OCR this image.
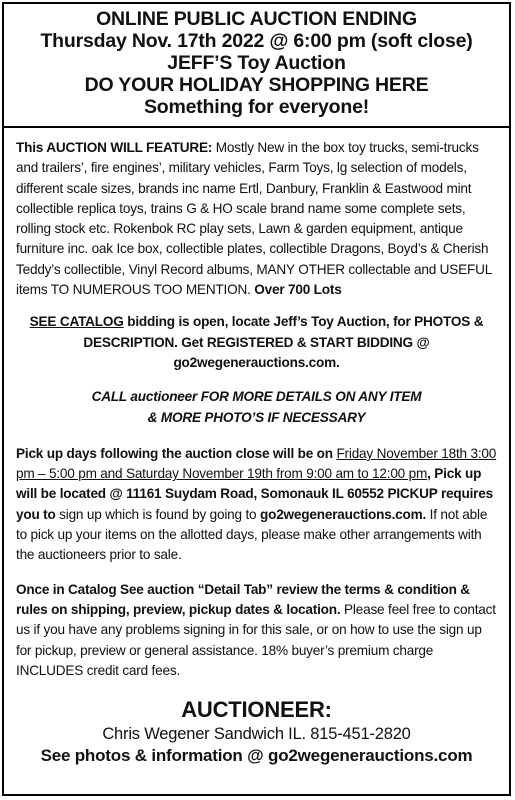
ONLINE PUBLIC AUCTION ENDING
Thursday Nov. 17th 2022 @ 6:00 pm (soft close)
JEFF’S Toy Auction
DO YOUR HOLIDAY SHOPPING HERE
Something for everyone!

This AUCTION WILL FEATURE: Mostly New in the box toy trucks, semi-trucks and trailers’, fire engines’, military vehicles, Farm Toys, lg selection of models, different scale sizes, brands inc name Ertl, Danbury, Franklin & Eastwood mint collectible replica toys, trains G & HO scale brand name some complete sets, rolling stock etc. Rokenbok RC play sets, Lawn & garden equipment, antique furniture inc. oak Ice box, collectible plates, collectible Dragons, Boyd’s & Cherish Teddy’s collectible, Vinyl Record albums, MANY OTHER collectable and USEFUL items TO NUMEROUS TOO MENTION. Over 700 Lots

SEE CATALOG bidding is open, locate Jeff’s Toy Auction, for PHOTOS & DESCRIPTION. Get REGISTERED & START BIDDING @ go2wegenerauctions.com.

CALL auctioneer FOR MORE DETAILS ON ANY ITEM
& MORE PHOTO’S IF NECESSARY

Pick up days following the auction close will be on Friday November 18th 3:00 pm – 5:00 pm and Saturday November 19th from 9:00 am to 12:00 pm, Pick up will be located @ 11161 Suydam Road, Somonauk IL 60552 PICKUP requires you to sign up which is found by going to go2wegenerauctions.com. If not able to pick up your items on the allotted days, please make other arrangements with the auctioneers prior to sale.

Once in Catalog See auction “Detail Tab” review the terms & condition & rules on shipping, preview, pickup dates & location. Please feel free to contact us if you have any problems signing in for this sale, or on how to use the sign up for pickup, preview or general assistance. 18% buyer’s premium charge INCLUDES credit card fees.

AUCTIONEER:
Chris Wegener Sandwich IL. 815-451-2820
See photos & information @ go2wegenerauctions.com
